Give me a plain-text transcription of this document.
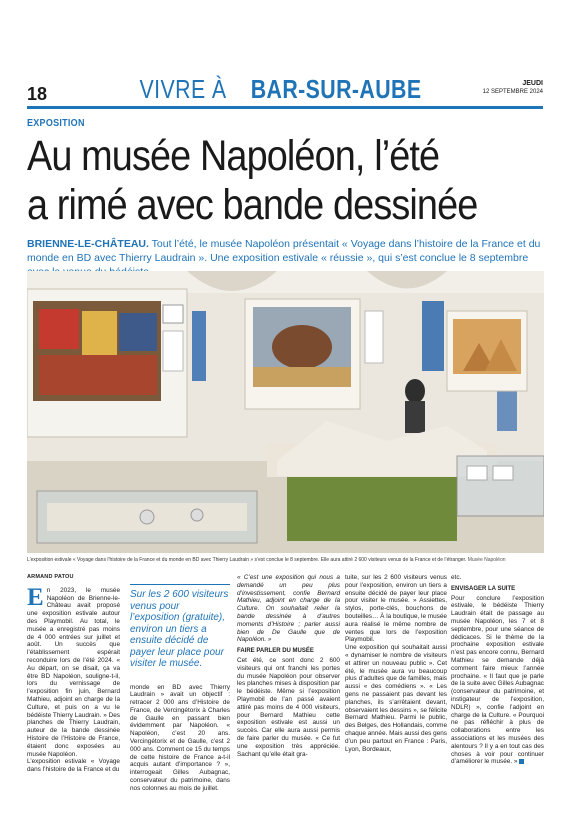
18	VIVRE À BAR-SUR-AUBE	JEUDI
12 SEPTEMBRE 2024
EXPOSITION
Au musée Napoléon, l’été
a rimé avec bande dessinée
BRIENNE-LE-CHÂTEAU. Tout l’été, le musée Napoléon présentait « Voyage dans l’histoire de la France et du monde en BD avec Thierry Laudrain ». Une exposition estivale « réussie », qui s’est conclue le 8 septembre
L’exposition estivale « Voyage dans l’histoire de la France et du monde en BD avec Thierry Laudrain » s’est conclue le 8 septembre. Elle aura attiré 2 600 visiteurs venus de la France et de l’étranger. Musée Napoléon
ARMAND PATOU
E n 2023, le musée Napoléon de Brienne-le-Château avait proposé une exposition estivale autour des Playmobil. Au total, le musée a enregistré pas moins de 4 000 entrées sur juillet et août. Un succès que l’établissement espérait reconduire lors de l’été 2024. « Au départ, on se disait, ça va être BD Napoléon, souligne-t-il, lors du vernissage de l’exposition fin juin, Bernard Mathieu, adjoint en charge de la Culture, et puis on a vu le bédéiste Thierry Laudrain. » Des planches de Thierry Laudrain, auteur de la bande dessinée Histoire de l’Histoire de France, étaient donc exposées au musée Napoléon.
L’exposition estivale « Voyage dans l’histoire de la France et du

Sur les 2 600 visiteurs venus pour l’exposition (gratuite), environ un tiers a ensuite décidé de payer leur place pour visiter le musée.

monde en BD avec Thierry Laudrain » avait un objectif : retracer 2 000 ans d’Histoire de France, de Vercingétorix à Charles de Gaulle en passant bien évidemment par Napoléon. « Napoléon, c’est 20 ans. Vercingétorix et de Gaulle, c’est 2 000 ans. Comment ce 15 du temps de cette histoire de France a-t-il acquis autant d’importance ? », interrogeait Gilles Aubagnac, conservateur du patrimoine, dans nos colonnes au mois de juillet.

« C’est une exposition qui nous a demandé un peu plus d’investissement, confie Bernard Mathieu, adjoint en charge de la Culture. On souhaitait relier la bande dessinée à d’autres moments d’Histoire ; parler aussi bien de De Gaulle que de Napoléon. »

FAIRE PARLER DU MUSÉE

Cet été, ce sont donc 2 600 visiteurs qui ont franchi les portes du musée Napoléon pour observer les planches mises à disposition par le bédéiste. Même si l’exposition Playmobil de l’an passé avaient attiré pas moins de 4 000 visiteurs, pour Bernard Mathieu cette exposition estivale est aussi un succès. Car elle aura aussi permis de faire parler du musée. « Ce fut une exposition très appréciée. Sachant qu’elle était gra-

tuite, sur les 2 600 visiteurs venus pour l’exposition, environ un tiers a ensuite décidé de payer leur place pour visiter le musée. » Assiettes, stylos, porte-clés, bouchons de bouteilles… À la boutique, le musée aura réalisé le même nombre de ventes que lors de l’exposition Playmobil.
Une exposition qui souhaitait aussi « dynamiser le nombre de visiteurs et attirer un nouveau public ». Cet été, le musée aura vu beaucoup plus d’adultes que de familles, mais aussi « des comédiens ». « Les gens ne passaient pas devant les planches, ils s’arrêtaient devant, observaient les dessins », se félicite Bernard Mathieu. Parmi le public, des Belges, des Hollandais, comme chaque année. Mais aussi des gens d’un peu partout en France : Paris, Lyon, Bordeaux,

etc.

ENVISAGER LA SUITE

Pour conclure l’exposition estivale, le bédéiste Thierry Laudrain était de passage au musée Napoléon, les 7 et 8 septembre, pour une séance de dédicaces. Si le thème de la prochaine exposition estivale n’est pas encore connu, Bernard Mathieu se demande déjà comment faire mieux l’année prochaine. « Il faut que je parle de la suite avec Gilles Aubagnac (conservateur du patrimoine, et instigateur de l’exposition, NDLR) », confie l’adjoint en charge de la Culture. « Pourquoi ne pas réfléchir à plus de collaborations entre les associations et les musées des alentours ? Il y a en tout cas des choses à voir pour continuer d’améliorer le musée. »
